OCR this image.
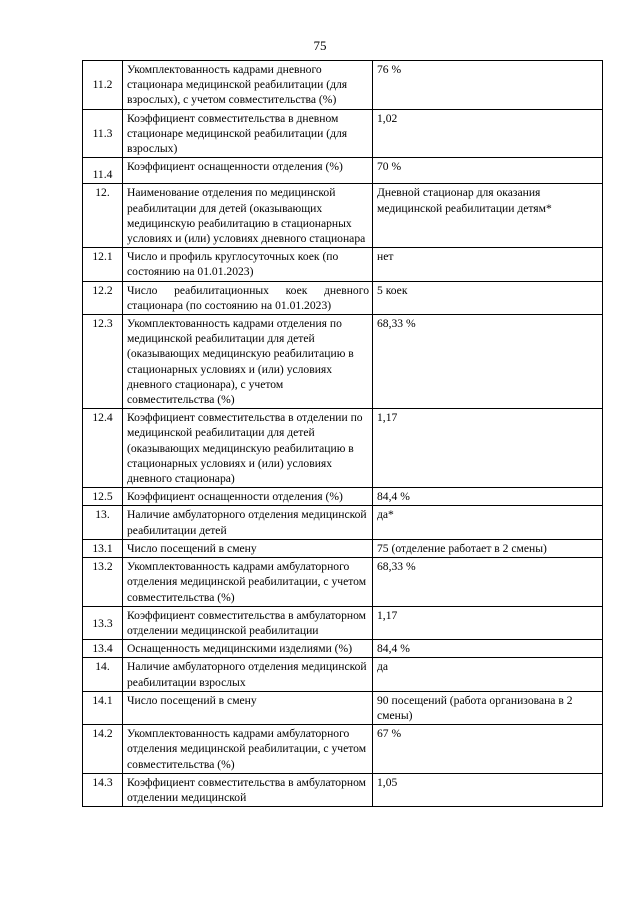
75
11.2	Укомплектованность кадрами дневного стационара медицинской реабилитации (для взрослых), с учетом совместительства (%)	76 %

11.3	Коэффициент совместительства в дневном стационаре медицинской реабилитации (для взрослых)	1,02

11.4	Коэффициент оснащенности отделения (%)	70 %

12.	Наименование отделения по медицинской реабилитации для детей (оказывающих медицинскую реабилитацию в стационарных условиях и (или) условиях дневного стационара	Дневной стационар для оказания медицинской реабилитации детям*

12.1	Число и профиль круглосуточных коек (по состоянию на 01.01.2023)	нет

12.2	Число реабилитационных коек дневного стационара (по состоянию на 01.01.2023)	5 коек

12.3	Укомплектованность кадрами отделения по медицинской реабилитации для детей (оказывающих медицинскую реабилитацию в стационарных условиях и (или) условиях дневного стационара), с учетом совместительства (%)	68,33 %

12.4	Коэффициент совместительства в отделении по медицинской реабилитации для детей (оказывающих медицинскую реабилитацию в стационарных условиях и (или) условиях дневного стационара)	1,17

12.5	Коэффициент оснащенности отделения (%)	84,4 %

13.	Наличие амбулаторного отделения медицинской реабилитации детей	да*

13.1	Число посещений в смену	75 (отделение работает в 2 смены)

13.2	Укомплектованность кадрами амбулаторного отделения медицинской реабилитации, с учетом совместительства (%)	68,33 %

13.3	Коэффициент совместительства в амбулаторном отделении медицинской реабилитации	1,17

13.4	Оснащенность медицинскими изделиями (%)	84,4 %

14.	Наличие амбулаторного отделения медицинской реабилитации взрослых	да

14.1	Число посещений в смену	90 посещений (работа организована в 2 смены)

14.2	Укомплектованность кадрами амбулаторного отделения медицинской реабилитации, с учетом совместительства (%)	67 %

14.3	Коэффициент совместительства в амбулаторном отделении медицинской	1,05
